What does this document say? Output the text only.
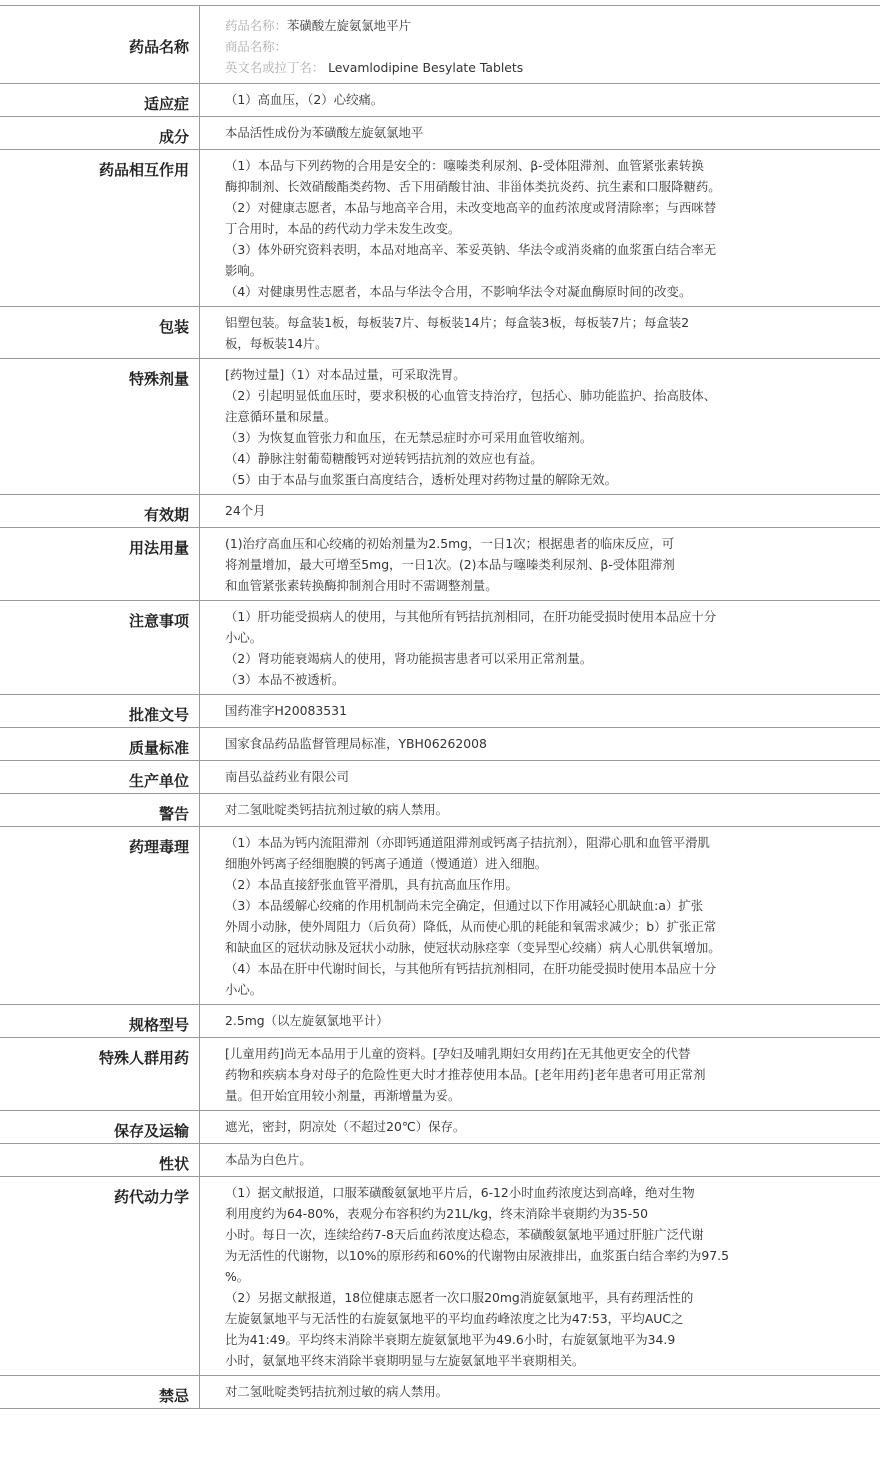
药品名称
药品名称：苯磺酸左旋氨氯地平片
商品名称：
英文名或拉丁名： Levamlodipine Besylate Tablets
适应症	（1）高血压，（2）心绞痛。

成分	本品活性成份为苯磺酸左旋氨氯地平

药品相互作用	（1）本品与下列药物的合用是安全的：噻嗪类利尿剂、β-受体阻滞剂、血管紧张素转换

酶抑制剂、长效硝酸酯类药物、舌下用硝酸甘油、非甾体类抗炎药、抗生素和口服降糖药。

（2）对健康志愿者，本品与地高辛合用，未改变地高辛的血药浓度或肾清除率；与西咪替

丁合用时，本品的药代动力学未发生改变。

（3）体外研究资料表明，本品对地高辛、苯妥英钠、华法令或消炎痛的血浆蛋白结合率无

影响。

（4）对健康男性志愿者，本品与华法令合用，不影响华法令对凝血酶原时间的改变。

包装	铝塑包装。每盒装1板，每板装7片、每板装14片；每盒装3板，每板装7片；每盒装2

板，每板装14片。

特殊剂量	[药物过量]（1）对本品过量，可采取洗胃。

（2）引起明显低血压时，要求积极的心血管支持治疗，包括心、肺功能监护、抬高肢体、

注意循环量和尿量。

（3）为恢复血管张力和血压，在无禁忌症时亦可采用血管收缩剂。

（4）静脉注射葡萄糖酸钙对逆转钙拮抗剂的效应也有益。

（5）由于本品与血浆蛋白高度结合，透析处理对药物过量的解除无效。

有效期	24个月

用法用量	(1)治疗高血压和心绞痛的初始剂量为2.5mg，一日1次；根据患者的临床反应，可

将剂量增加，最大可增至5mg，一日1次。(2)本品与噻嗪类利尿剂、β-受体阻滞剂

和血管紧张素转换酶抑制剂合用时不需调整剂量。

注意事项	（1）肝功能受损病人的使用，与其他所有钙拮抗剂相同，在肝功能受损时使用本品应十分

小心。

（2）肾功能衰竭病人的使用，肾功能损害患者可以采用正常剂量。

（3）本品不被透析。

批准文号	国药准字H20083531

质量标准	国家食品药品监督管理局标准，YBH06262008

生产单位	南昌弘益药业有限公司

警告	对二氢吡啶类钙拮抗剂过敏的病人禁用。

药理毒理	（1）本品为钙内流阻滞剂（亦即钙通道阻滞剂或钙离子拮抗剂），阻滞心肌和血管平滑肌

细胞外钙离子经细胞膜的钙离子通道（慢通道）进入细胞。

（2）本品直接舒张血管平滑肌，具有抗高血压作用。

（3）本品缓解心绞痛的作用机制尚未完全确定，但通过以下作用减轻心肌缺血:a）扩张

外周小动脉，使外周阻力（后负荷）降低，从而使心肌的耗能和氧需求减少；b）扩张正常

和缺血区的冠状动脉及冠状小动脉，使冠状动脉痉挛（变异型心绞痛）病人心肌供氧增加。

（4）本品在肝中代谢时间长，与其他所有钙拮抗剂相同，在肝功能受损时使用本品应十分

小心。

规格型号	2.5mg（以左旋氨氯地平计）

特殊人群用药	[儿童用药]尚无本品用于儿童的资料。[孕妇及哺乳期妇女用药]在无其他更安全的代替

药物和疾病本身对母子的危险性更大时才推荐使用本品。[老年用药]老年患者可用正常剂

量。但开始宜用较小剂量，再渐增量为妥。

保存及运输	遮光，密封，阴凉处（不超过20℃）保存。

性状	本品为白色片。

药代动力学	（1）据文献报道，口服苯磺酸氨氯地平片后，6-12小时血药浓度达到高峰，绝对生物

利用度约为64-80%，表观分布容积约为21L/kg，终末消除半衰期约为35-50

小时。每日一次，连续给药7-8天后血药浓度达稳态，苯磺酸氨氯地平通过肝脏广泛代谢

为无活性的代谢物，以10%的原形药和60%的代谢物由尿液排出，血浆蛋白结合率约为97.5

%。

（2）另据文献报道，18位健康志愿者一次口服20mg消旋氨氯地平，具有药理活性的

左旋氨氯地平与无活性的右旋氨氯地平的平均血药峰浓度之比为47:53，平均AUC之

比为41:49。平均终末消除半衰期左旋氨氯地平为49.6小时，右旋氨氯地平为34.9

小时，氨氯地平终末消除半衰期明显与左旋氨氯地平半衰期相关。

禁忌	对二氢吡啶类钙拮抗剂过敏的病人禁用。
